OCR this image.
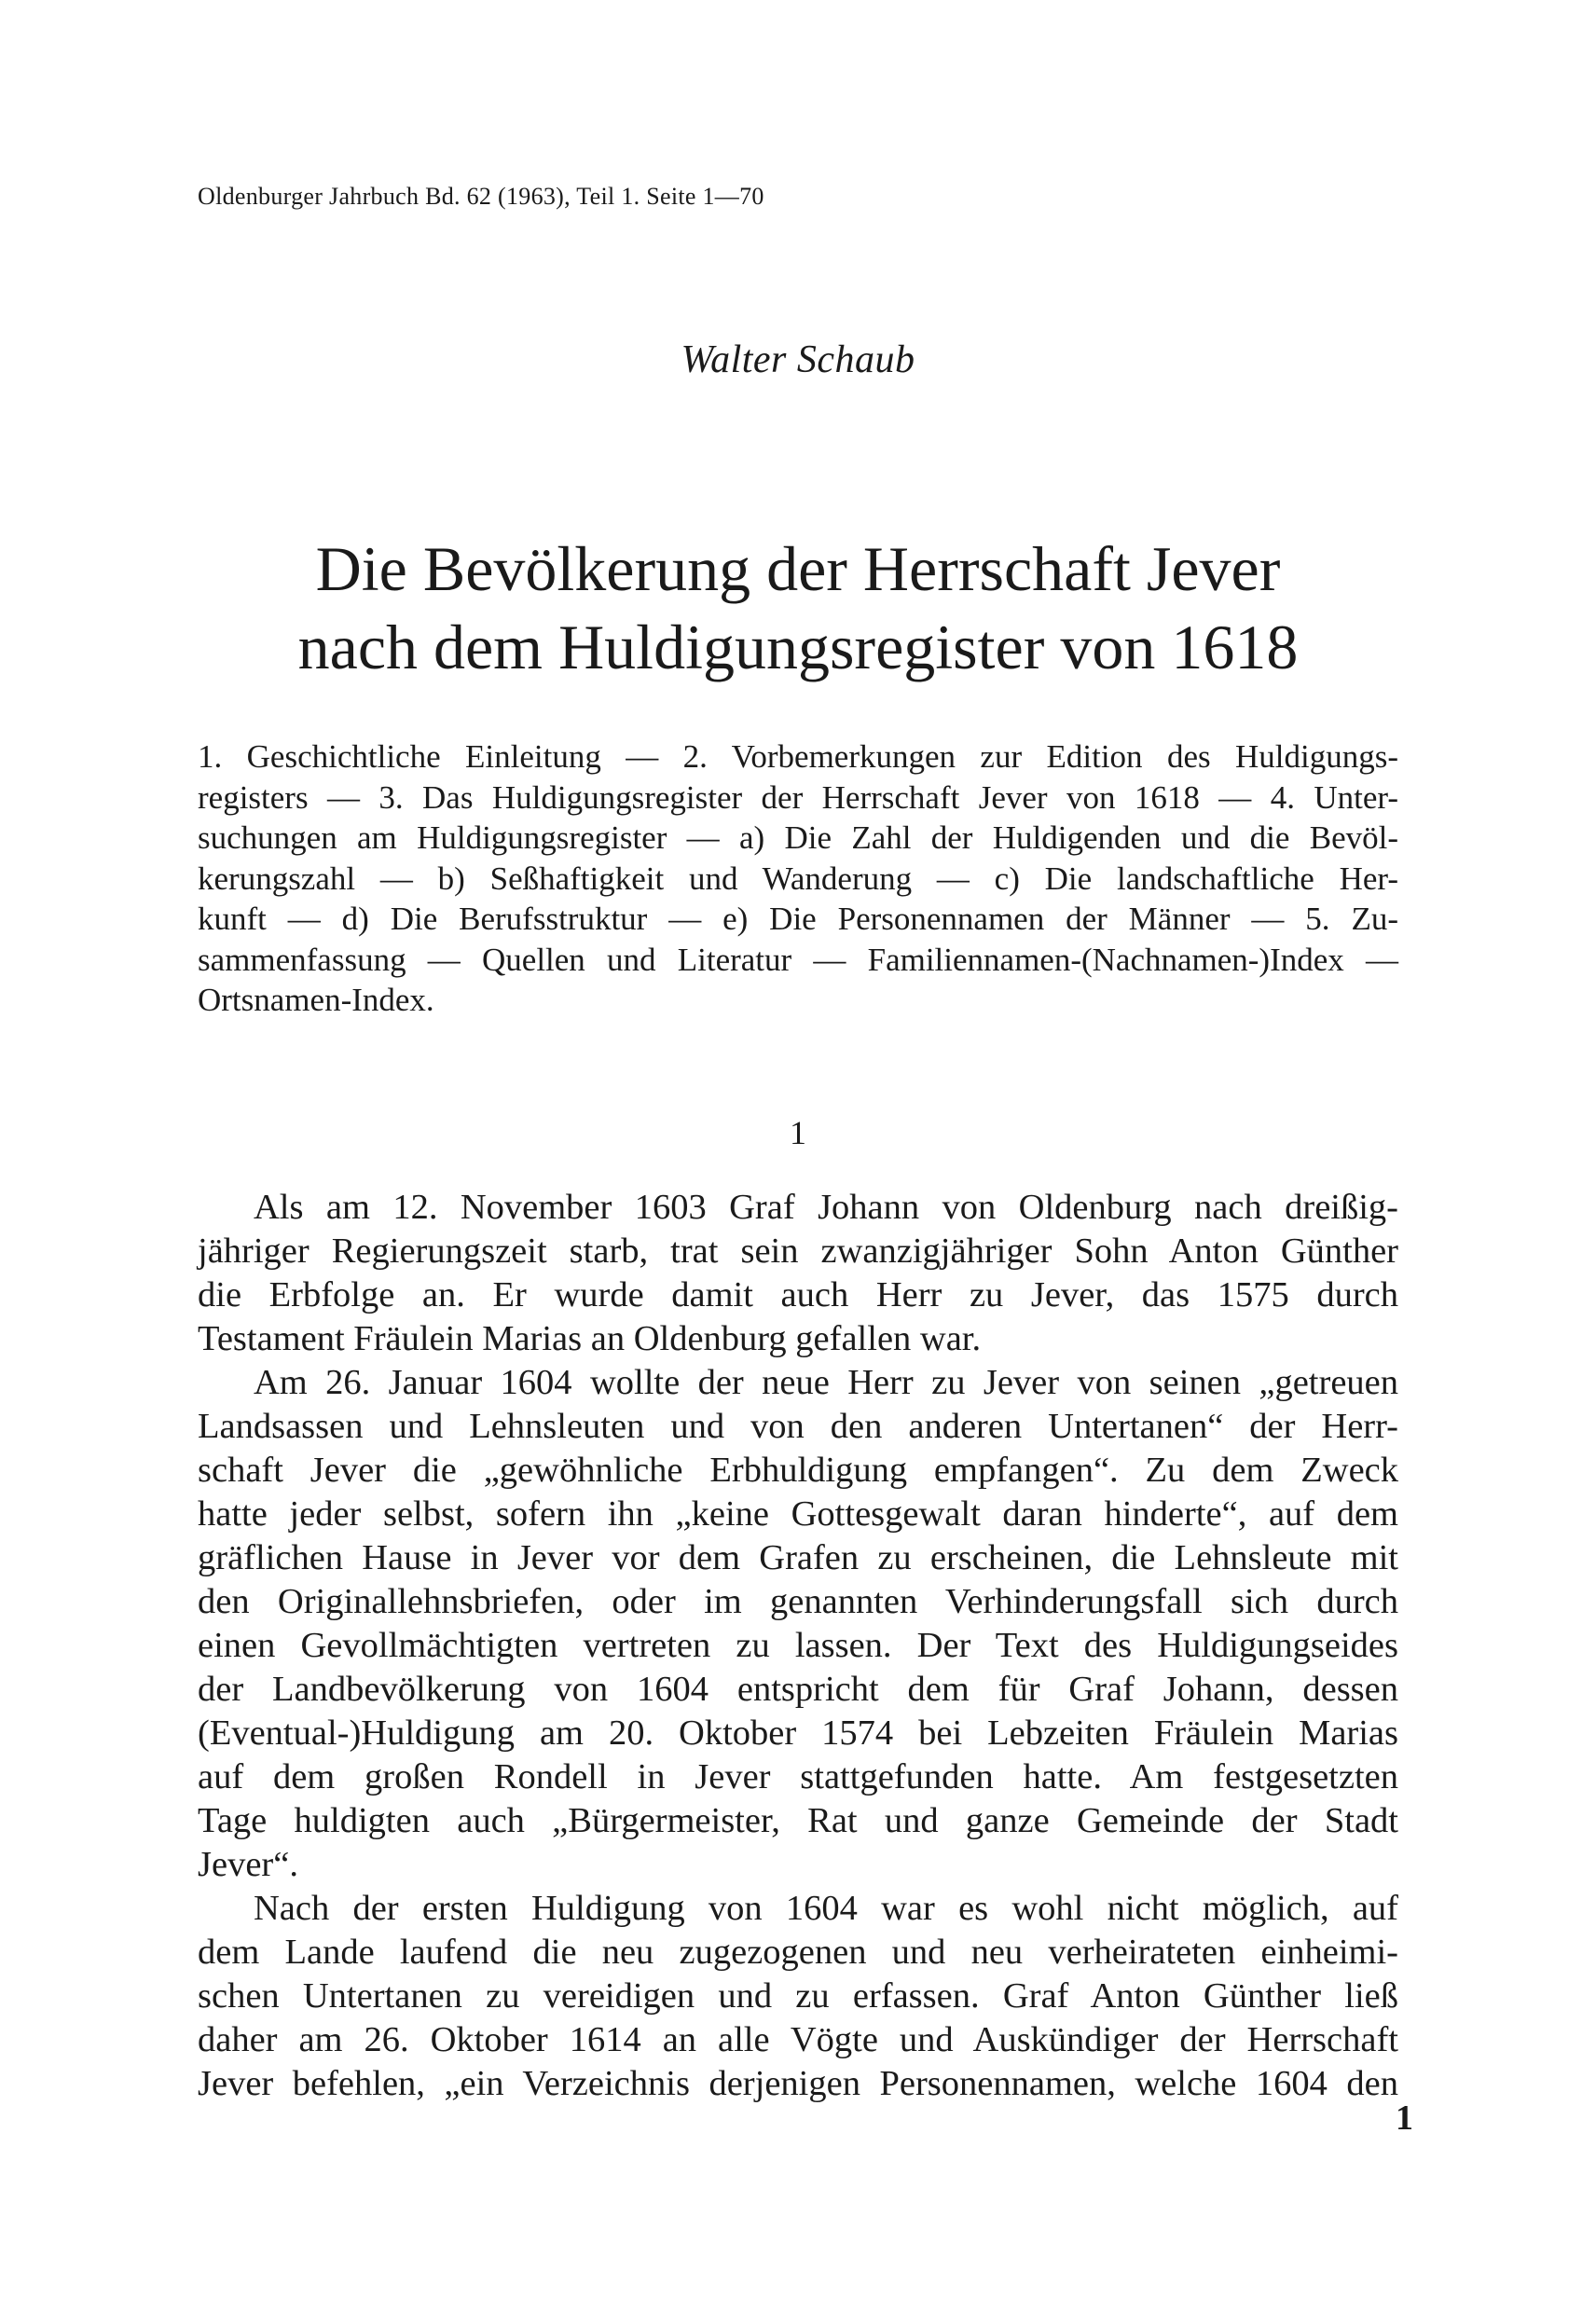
Oldenburger Jahrbuch Bd. 62 (1963), Teil 1. Seite 1—70
Walter Schaub
Die Bevölkerung der Herrschaft Jever
nach dem Huldigungsregister von 1618
1. Geschichtliche Einleitung — 2. Vorbemerkungen zur Edition des Huldigungs-
registers — 3. Das Huldigungsregister der Herrschaft Jever von 1618 — 4. Unter-
suchungen am Huldigungsregister — a) Die Zahl der Huldigenden und die Bevöl-
kerungszahl — b) Seßhaftigkeit und Wanderung — c) Die landschaftliche Her-
kunft — d) Die Berufsstruktur — e) Die Personennamen der Männer — 5. Zu-
sammenfassung — Quellen und Literatur — Familiennamen-(Nachnamen-)Index —
Ortsnamen-Index.
1
Als am 12. November 1603 Graf Johann von Oldenburg nach dreißig-
jähriger Regierungszeit starb, trat sein zwanzigjähriger Sohn Anton Günther
die Erbfolge an. Er wurde damit auch Herr zu Jever, das 1575 durch
Testament Fräulein Marias an Oldenburg gefallen war.
Am 26. Januar 1604 wollte der neue Herr zu Jever von seinen „getreuen
Landsassen und Lehnsleuten und von den anderen Untertanen“ der Herr-
schaft Jever die „gewöhnliche Erbhuldigung empfangen“. Zu dem Zweck
hatte jeder selbst, sofern ihn „keine Gottesgewalt daran hinderte“, auf dem
gräflichen Hause in Jever vor dem Grafen zu erscheinen, die Lehnsleute mit
den Originallehnsbriefen, oder im genannten Verhinderungsfall sich durch
einen Gevollmächtigten vertreten zu lassen. Der Text des Huldigungseides
der Landbevölkerung von 1604 entspricht dem für Graf Johann, dessen
(Eventual-)Huldigung am 20. Oktober 1574 bei Lebzeiten Fräulein Marias
auf dem großen Rondell in Jever stattgefunden hatte. Am festgesetzten
Tage huldigten auch „Bürgermeister, Rat und ganze Gemeinde der Stadt
Jever“.
Nach der ersten Huldigung von 1604 war es wohl nicht möglich, auf
dem Lande laufend die neu zugezogenen und neu verheirateten einheimi-
schen Untertanen zu vereidigen und zu erfassen. Graf Anton Günther ließ
daher am 26. Oktober 1614 an alle Vögte und Auskündiger der Herrschaft
Jever befehlen, „ein Verzeichnis derjenigen Personennamen, welche 1604 den
1
